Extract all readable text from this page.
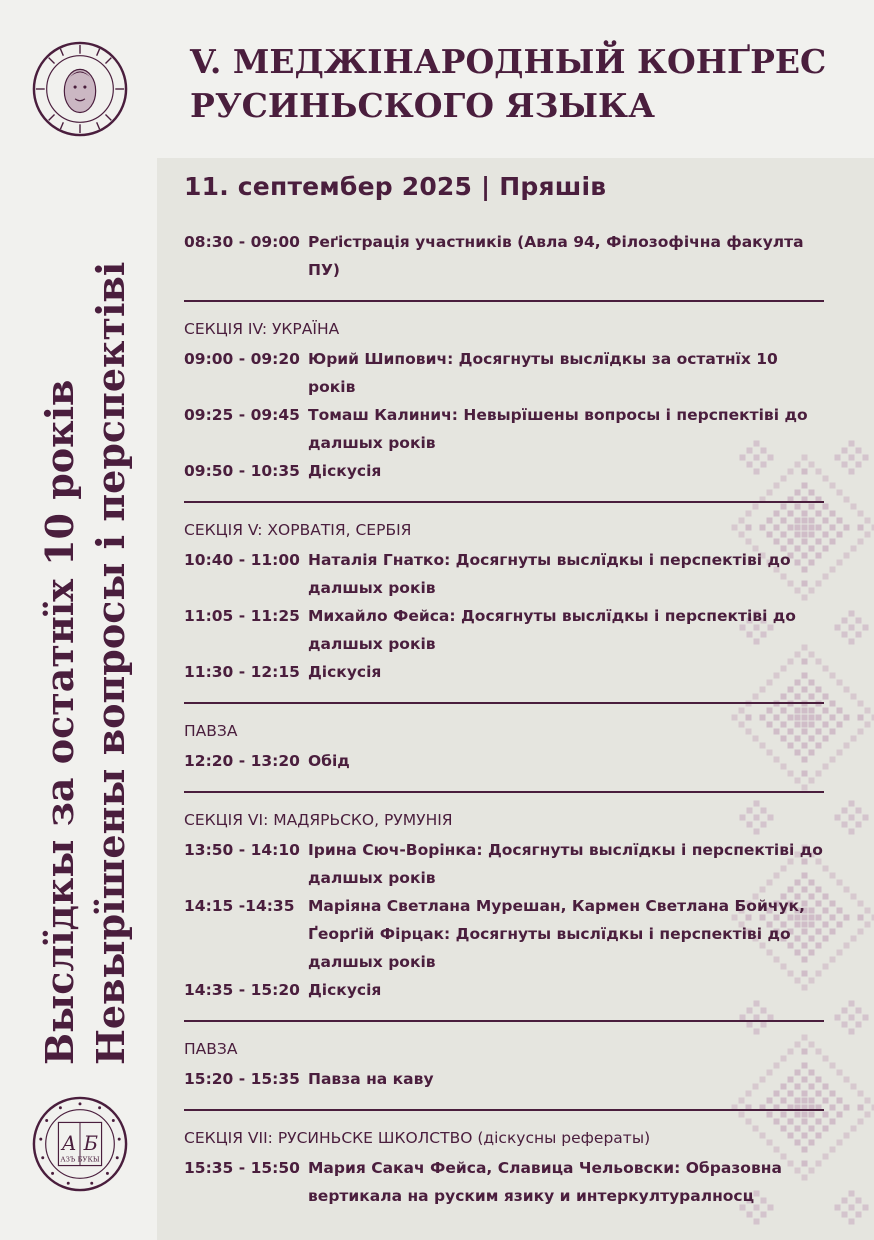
V. МЕДЖІНАРОДНЫЙ КОНҐРЕС
РУСИНЬСКОГО ЯЗЫКА
Выслїдкы за остатнїх 10 років Невырїшены вопросы і перспектіві
А Б
АЗЪ БУКЫ
11. септембер 2025 | Пряшів
08:30 - 09:00 Реґістрація участників (Авла 94, Філозофічна факулта ПУ)
СЕКЦІЯ IV: УКРАЇНА
09:00 - 09:20 Юрий Шипович: Досягнуты выслїдкы за остатнїх 10 років
09:25 - 09:45 Томаш Калинич: Невырїшены вопросы і перспектіві до далшых років
09:50 - 10:35 Діскусія
СЕКЦІЯ V: ХОРВАТІЯ, СЕРБІЯ
10:40 - 11:00 Наталія Гнатко: Досягнуты выслїдкы і перспектіві до далшых років
11:05 - 11:25 Михайло Фейса: Досягнуты выслїдкы і перспектіві до далшых років
11:30 - 12:15 Діскусія
ПАВЗА
12:20 - 13:20 Обід
СЕКЦІЯ VI: МАДЯРЬСКО, РУМУНІЯ
13:50 - 14:10 Ірина Сюч-Ворінка: Досягнуты выслїдкы і перспектіві до далшых років
14:15 -14:35 Маріяна Светлана Мурешан, Кармен Светлана Бойчук, Ґеорґій Фірцак: Досягнуты выслїдкы і перспектіві до далшых років
14:35 - 15:20 Діскусія
ПАВЗА
15:20 - 15:35 Павза на каву
СЕКЦІЯ VII: РУСИНЬСКЕ ШКОЛСТВО (діскусны реферaты)
15:35 - 15:50 Мария Сакач Фейса, Славица Чельовски: Образовна вертикала на руским язику и интеркултуралносц
